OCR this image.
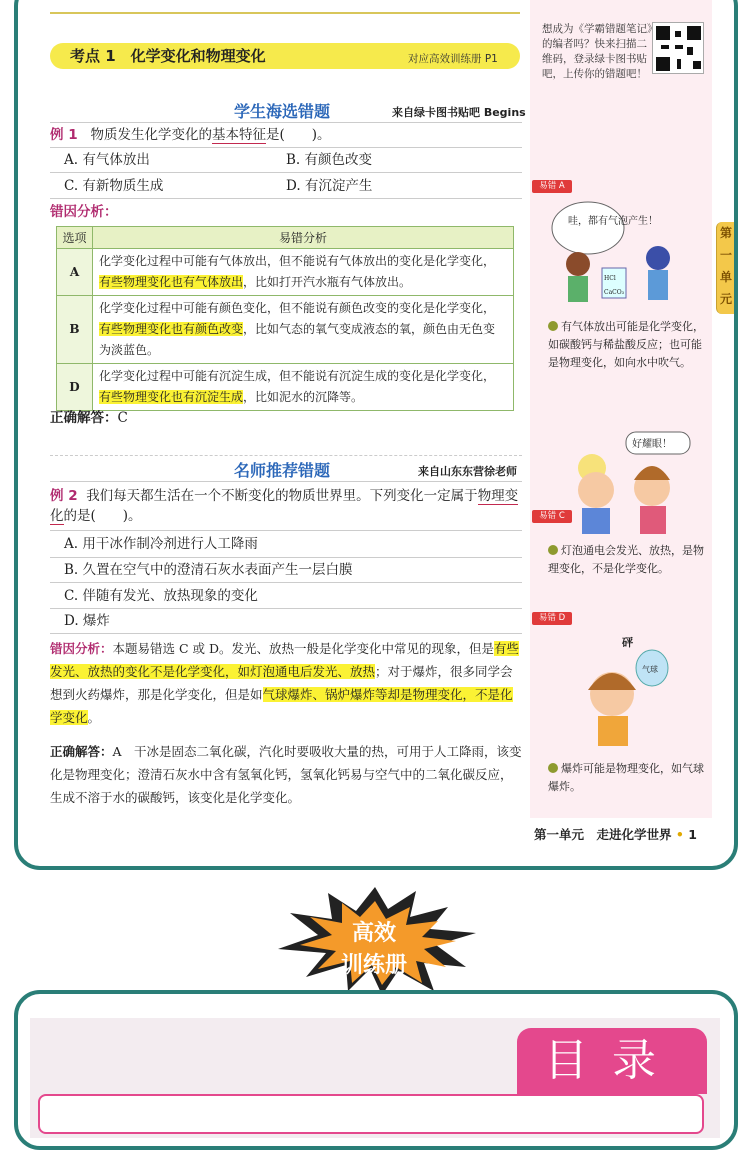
第
一
单
元
想成为《学霸错题笔记》的编者吗？快来扫描二维码，登录绿卡图书贴吧，上传你的错题吧！
考点 1　化学变化和物理变化	对应高效训练册 P1
学生海选错题	来自绿卡图书贴吧 Begins
例 1 物质发生化学变化的基本特征是(　　)。
A. 有气体放出	B. 有颜色改变
C. 有新物质生成	D. 有沉淀产生
错因分析：
选项	易错分析
A	化学变化过程中可能有气体放出，但不能说有气体放出的变化是化学变化，有些物理变化也有气体放出，比如打开汽水瓶有气体放出。
B	化学变化过程中可能有颜色变化，但不能说有颜色改变的变化是化学变化，有些物理变化也有颜色改变，比如气态的氧气变成液态的氧，颜色由无色变为淡蓝色。
D	化学变化过程中可能有沉淀生成，但不能说有沉淀生成的变化是化学变化，有些物理变化也有沉淀生成，比如泥水的沉降等。
正确解答：C
名师推荐错题	来自山东东营徐老师
例 2 我们每天都生活在一个不断变化的物质世界里。下列变化一定属于物理变化的是(　　)。
A. 用干冰作制冷剂进行人工降雨
B. 久置在空气中的澄清石灰水表面产生一层白膜
C. 伴随有发光、放热现象的变化
D. 爆炸
错因分析：本题易错选 C 或 D。发光、放热一般是化学变化中常见的现象，但是有些发光、放热的变化不是化学变化，如灯泡通电后发光、放热；对于爆炸，很多同学会想到火药爆炸，那是化学变化，但是如气球爆炸、锅炉爆炸等却是物理变化，不是化学变化。
正确解答：A　干冰是固态二氧化碳，汽化时要吸收大量的热，可用于人工降雨，该变化是物理变化；澄清石灰水中含有氢氧化钙，氢氧化钙易与空气中的二氧化碳反应，生成不溶于水的碳酸钙，该变化是化学变化。
易错 A
哇，都有气泡产生！
HCl
CaCO₃
有气体放出可能是化学变化，如碳酸钙与稀盐酸反应；也可能是物理变化，如向水中吹气。
易错 C
好耀眼！
灯泡通电会发光、放热，是物理变化，不是化学变化。
易错 D
砰
气球
爆炸可能是物理变化，如气球爆炸。
第一单元　走进化学世界 • 1
高效
训练册
目录
